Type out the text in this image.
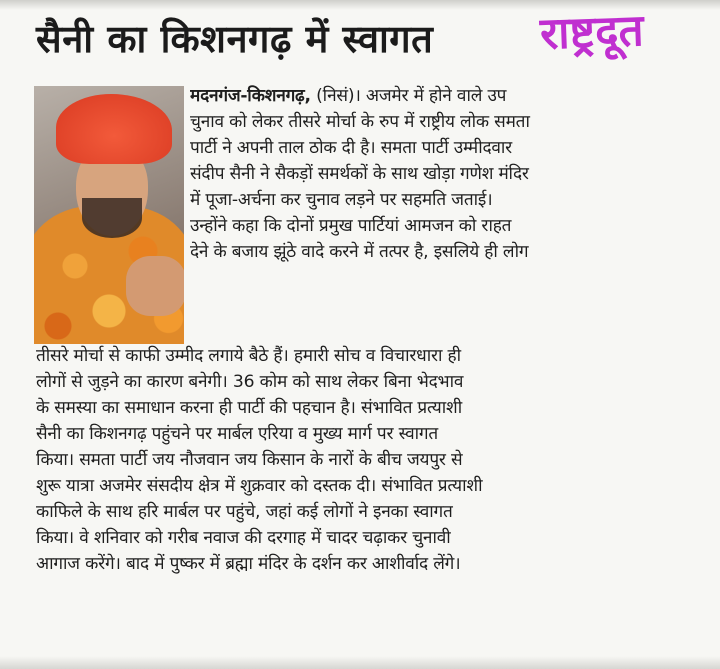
सैनी का किशनगढ़ में स्वागत राष्ट्रदूत
मदनगंज-किशनगढ़, (निसं)। अजमेर में होने वाले उप
चुनाव को लेकर तीसरे मोर्चा के रुप में राष्ट्रीय लोक समता
पार्टी ने अपनी ताल ठोक दी है। समता पार्टी उम्मीदवार
संदीप सैनी ने सैकड़ों समर्थकों के साथ खोड़ा गणेश मंदिर
में पूजा-अर्चना कर चुनाव लड़ने पर सहमति जताई।
उन्होंने कहा कि दोनों प्रमुख पार्टियां आमजन को राहत
देने के बजाय झूंठे वादे करने में तत्पर है, इसलिये ही लोग
तीसरे मोर्चा से काफी उम्मीद लगाये बैठे हैं। हमारी सोच व विचारधारा ही
लोगों से जुड़ने का कारण बनेगी। 36 कोम को साथ लेकर बिना भेदभाव
के समस्या का समाधान करना ही पार्टी की पहचान है। संभावित प्रत्याशी
सैनी का किशनगढ़ पहुंचने पर मार्बल एरिया व मुख्य मार्ग पर स्वागत
किया। समता पार्टी जय नौजवान जय किसान के नारों के बीच जयपुर से
शुरू यात्रा अजमेर संसदीय क्षेत्र में शुक्रवार को दस्तक दी। संभावित प्रत्याशी
काफिले के साथ हरि मार्बल पर पहुंचे, जहां कई लोगों ने इनका स्वागत
किया। वे शनिवार को गरीब नवाज की दरगाह में चादर चढ़ाकर चुनावी
आगाज करेंगे। बाद में पुष्कर में ब्रह्मा मंदिर के दर्शन कर आशीर्वाद लेंगे।
